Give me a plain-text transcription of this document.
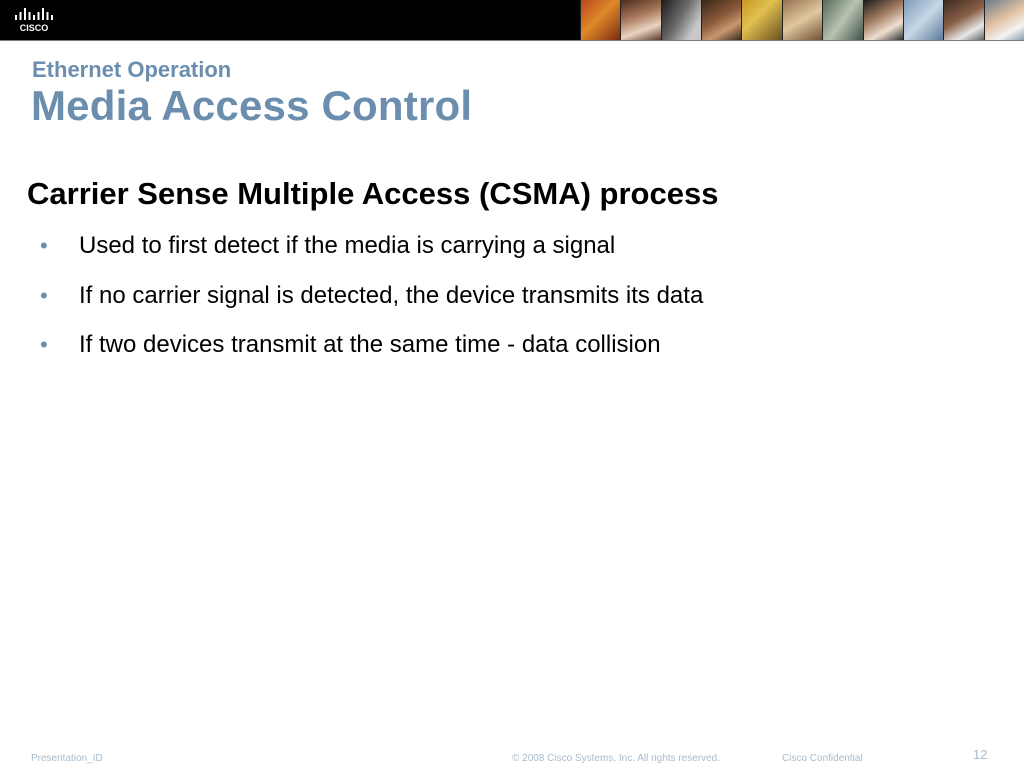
CISCO
Ethernet Operation
Media Access Control
Carrier Sense Multiple Access (CSMA) process
• Used to first detect if the media is carrying a signal
• If no carrier signal is detected, the device transmits its data
• If two devices transmit at the same time - data collision
Presentation_ID	© 2008 Cisco Systems, Inc. All rights reserved.	Cisco Confidential	12
